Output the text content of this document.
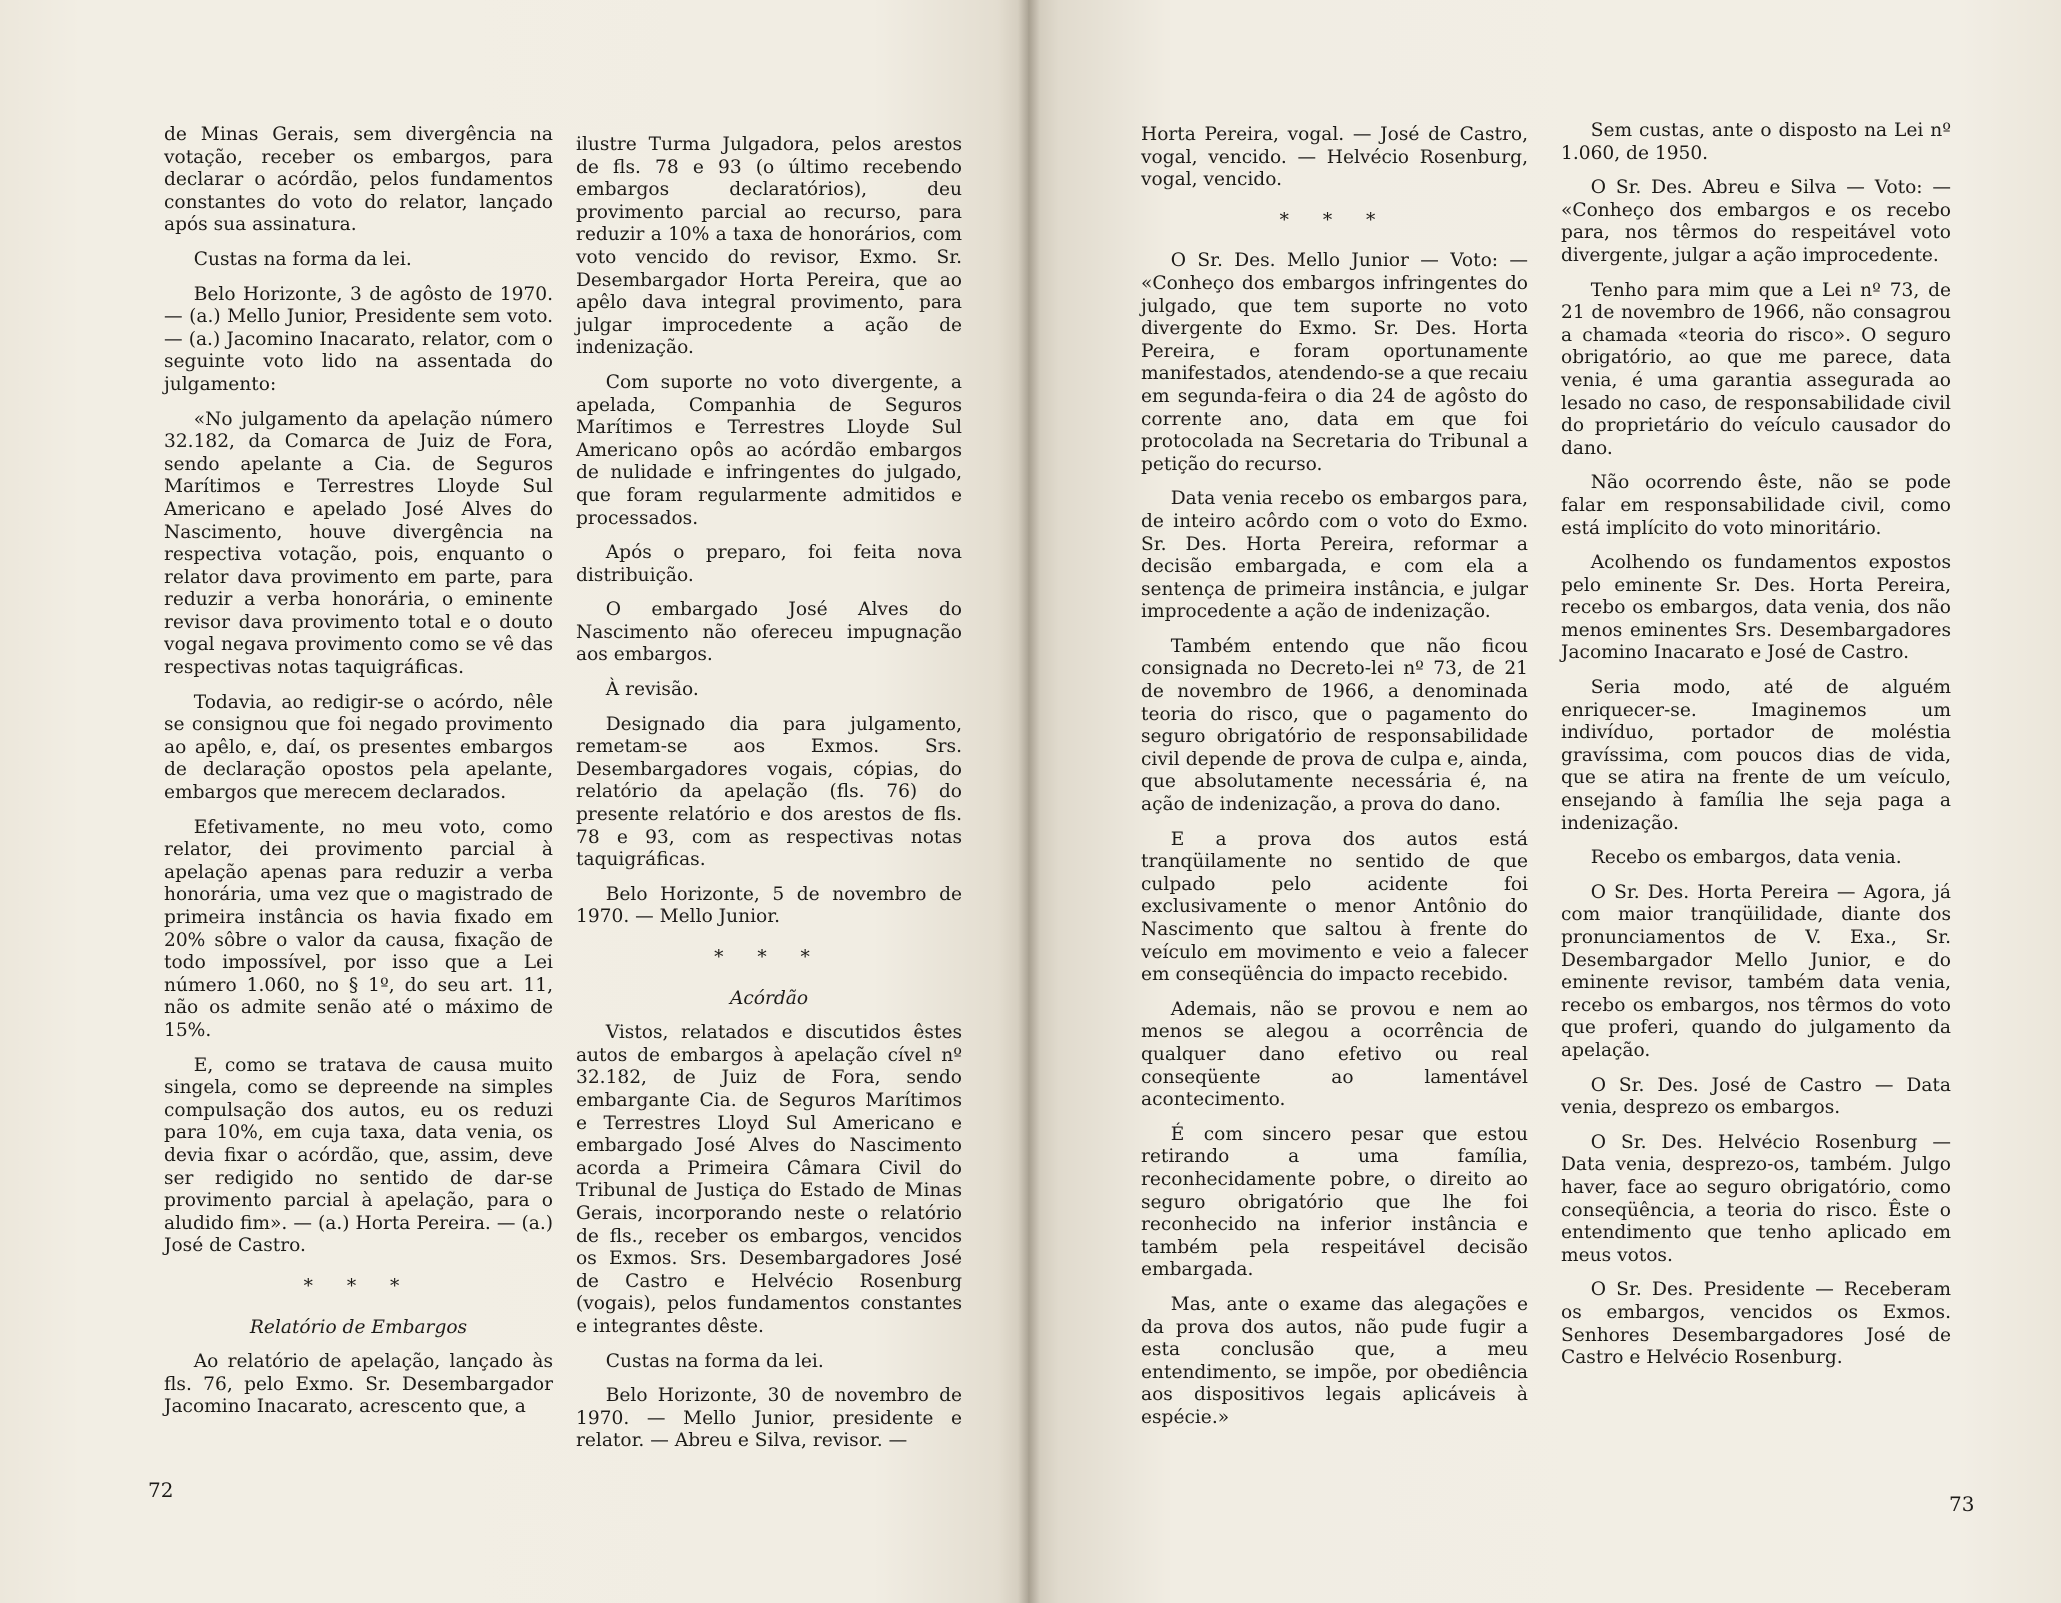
de Minas Gerais, sem divergência na votação, receber os embargos, para declarar o acórdão, pelos fundamentos constantes do voto do relator, lançado após sua assinatura.

Custas na forma da lei.

Belo Horizonte, 3 de agôsto de 1970. — (a.) Mello Junior, Presidente sem voto. — (a.) Jacomino Inacarato, relator, com o seguinte voto lido na assentada do julgamento:

«No julgamento da apelação número 32.182, da Comarca de Juiz de Fora, sendo apelante a Cia. de Seguros Marítimos e Terrestres Lloyde Sul Americano e apelado José Alves do Nascimento, houve divergência na respectiva votação, pois, enquanto o relator dava provimento em parte, para reduzir a verba honorária, o eminente revisor dava provimento total e o douto vogal negava provimento como se vê das respectivas notas taquigráficas.

Todavia, ao redigir-se o acórdo, nêle se consignou que foi negado provimento ao apêlo, e, daí, os presentes embargos de declaração opostos pela apelante, embargos que merecem declarados.

Efetivamente, no meu voto, como relator, dei provimento parcial à apelação apenas para reduzir a verba honorária, uma vez que o magistrado de primeira instância os havia fixado em 20% sôbre o valor da causa, fixação de todo impossível, por isso que a Lei número 1.060, no § 1º, do seu art. 11, não os admite senão até o máximo de 15%.

E, como se tratava de causa muito singela, como se depreende na simples compulsação dos autos, eu os reduzi para 10%, em cuja taxa, data venia, os devia fixar o acórdão, que, assim, deve ser redigido no sentido de dar-se provimento parcial à apelação, para o aludido fim». — (a.) Horta Pereira. — (a.) José de Castro.

* * *

Relatório de Embargos

Ao relatório de apelação, lançado às fls. 76, pelo Exmo. Sr. Desembargador Jacomino Inacarato, acrescento que, a

ilustre Turma Julgadora, pelos arestos de fls. 78 e 93 (o último recebendo embargos declaratórios), deu provimento parcial ao recurso, para reduzir a 10% a taxa de honorários, com voto vencido do revisor, Exmo. Sr. Desembargador Horta Pereira, que ao apêlo dava integral provimento, para julgar improcedente a ação de indenização.

Com suporte no voto divergente, a apelada, Companhia de Seguros Marítimos e Terrestres Lloyde Sul Americano opôs ao acórdão embargos de nulidade e infringentes do julgado, que foram regularmente admitidos e processados.

Após o preparo, foi feita nova distribuição.

O embargado José Alves do Nascimento não ofereceu impugnação aos embargos.

À revisão.

Designado dia para julgamento, remetam-se aos Exmos. Srs. Desembargadores vogais, cópias, do relatório da apelação (fls. 76) do presente relatório e dos arestos de fls. 78 e 93, com as respectivas notas taquigráficas.

Belo Horizonte, 5 de novembro de 1970. — Mello Junior.

* * *

Acórdão

Vistos, relatados e discutidos êstes autos de embargos à apelação cível nº 32.182, de Juiz de Fora, sendo embargante Cia. de Seguros Marítimos e Terrestres Lloyd Sul Americano e embargado José Alves do Nascimento acorda a Primeira Câmara Civil do Tribunal de Justiça do Estado de Minas Gerais, incorporando neste o relatório de fls., receber os embargos, vencidos os Exmos. Srs. Desembargadores José de Castro e Helvécio Rosenburg (vogais), pelos fundamentos constantes e integrantes dêste.

Custas na forma da lei.

Belo Horizonte, 30 de novembro de 1970. — Mello Junior, presidente e relator. — Abreu e Silva, revisor. —

72

Horta Pereira, vogal. — José de Castro, vogal, vencido. — Helvécio Rosenburg, vogal, vencido.

* * *

O Sr. Des. Mello Junior — Voto: — «Conheço dos embargos infringentes do julgado, que tem suporte no voto divergente do Exmo. Sr. Des. Horta Pereira, e foram oportunamente manifestados, atendendo-se a que recaiu em segunda-feira o dia 24 de agôsto do corrente ano, data em que foi protocolada na Secretaria do Tribunal a petição do recurso.

Data venia recebo os embargos para, de inteiro acôrdo com o voto do Exmo. Sr. Des. Horta Pereira, reformar a decisão embargada, e com ela a sentença de primeira instância, e julgar improcedente a ação de indenização.

Também entendo que não ficou consignada no Decreto-lei nº 73, de 21 de novembro de 1966, a denominada teoria do risco, que o pagamento do seguro obrigatório de responsabilidade civil depende de prova de culpa e, ainda, que absolutamente necessária é, na ação de indenização, a prova do dano.

E a prova dos autos está tranqüilamente no sentido de que culpado pelo acidente foi exclusivamente o menor Antônio do Nascimento que saltou à frente do veículo em movimento e veio a falecer em conseqüência do impacto recebido.

Ademais, não se provou e nem ao menos se alegou a ocorrência de qualquer dano efetivo ou real conseqüente ao lamentável acontecimento.

É com sincero pesar que estou retirando a uma família, reconhecidamente pobre, o direito ao seguro obrigatório que lhe foi reconhecido na inferior instância e também pela respeitável decisão embargada.

Mas, ante o exame das alegações e da prova dos autos, não pude fugir a esta conclusão que, a meu entendimento, se impõe, por obediência aos dispositivos legais aplicáveis à espécie.»

Sem custas, ante o disposto na Lei nº 1.060, de 1950.

O Sr. Des. Abreu e Silva — Voto: — «Conheço dos embargos e os recebo para, nos têrmos do respeitável voto divergente, julgar a ação improcedente.

Tenho para mim que a Lei nº 73, de 21 de novembro de 1966, não consagrou a chamada «teoria do risco». O seguro obrigatório, ao que me parece, data venia, é uma garantia assegurada ao lesado no caso, de responsabilidade civil do proprietário do veículo causador do dano.

Não ocorrendo êste, não se pode falar em responsabilidade civil, como está implícito do voto minoritário.

Acolhendo os fundamentos expostos pelo eminente Sr. Des. Horta Pereira, recebo os embargos, data venia, dos não menos eminentes Srs. Desembargadores Jacomino Inacarato e José de Castro.

Seria modo, até de alguém enriquecer-se. Imaginemos um indivíduo, portador de moléstia gravíssima, com poucos dias de vida, que se atira na frente de um veículo, ensejando à família lhe seja paga a indenização.

Recebo os embargos, data venia.

O Sr. Des. Horta Pereira — Agora, já com maior tranqüilidade, diante dos pronunciamentos de V. Exa., Sr. Desembargador Mello Junior, e do eminente revisor, também data venia, recebo os embargos, nos têrmos do voto que proferi, quando do julgamento da apelação.

O Sr. Des. José de Castro — Data venia, desprezo os embargos.

O Sr. Des. Helvécio Rosenburg — Data venia, desprezo-os, também. Julgo haver, face ao seguro obrigatório, como conseqüência, a teoria do risco. Êste o entendimento que tenho aplicado em meus votos.

O Sr. Des. Presidente — Receberam os embargos, vencidos os Exmos. Senhores Desembargadores José de Castro e Helvécio Rosenburg.

73
